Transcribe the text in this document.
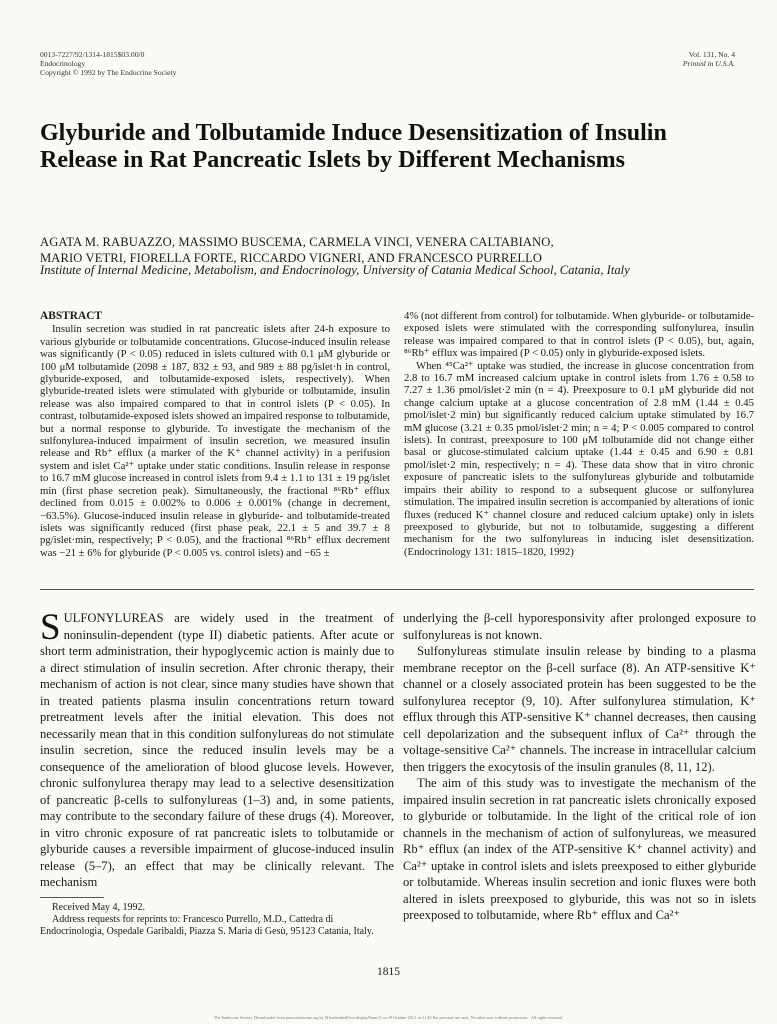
0013-7227/92/1314-1815$03.00/0
Endocrinology
Copyright © 1992 by The Endocrine Society
Vol. 131, No. 4
Printed in U.S.A.
Glyburide and Tolbutamide Induce Desensitization of Insulin Release in Rat Pancreatic Islets by Different Mechanisms
AGATA M. RABUAZZO, MASSIMO BUSCEMA, CARMELA VINCI, VENERA CALTABIANO,
MARIO VETRI, FIORELLA FORTE, RICCARDO VIGNERI, AND FRANCESCO PURRELLO
Institute of Internal Medicine, Metabolism, and Endocrinology, University of Catania Medical School, Catania, Italy
ABSTRACT

Insulin secretion was studied in rat pancreatic islets after 24-h exposure to various glyburide or tolbutamide concentrations. Glucose-induced insulin release was significantly (P < 0.05) reduced in islets cultured with 0.1 μM glyburide or 100 μM tolbutamide (2098 ± 187, 832 ± 93, and 989 ± 88 pg/islet·h in control, glyburide-exposed, and tolbutamide-exposed islets, respectively). When glyburide-treated islets were stimulated with glyburide or tolbutamide, insulin release was also impaired compared to that in control islets (P < 0.05). In contrast, tolbutamide-exposed islets showed an impaired response to tolbutamide, but a normal response to glyburide. To investigate the mechanism of the sulfonylurea-induced impairment of insulin secretion, we measured insulin release and Rb⁺ efflux (a marker of the K⁺ channel activity) in a perifusion system and islet Ca²⁺ uptake under static conditions. Insulin release in response to 16.7 mM glucose increased in control islets from 9.4 ± 1.1 to 131 ± 19 pg/islet min (first phase secretion peak). Simultaneously, the fractional ⁸⁶Rb⁺ efflux declined from 0.015 ± 0.002% to 0.006 ± 0.001% (change in decrement, −63.5%). Glucose-induced insulin release in glyburide- and tolbutamide-treated islets was significantly reduced (first phase peak, 22.1 ± 5 and 39.7 ± 8 pg/islet·min, respectively; P < 0.05), and the fractional ⁸⁶Rb⁺ efflux decrement was −21 ± 6% for glyburide (P < 0.005 vs. control islets) and −65 ±

4% (not different from control) for tolbutamide. When glyburide- or tolbutamide-exposed islets were stimulated with the corresponding sulfonylurea, insulin release was impaired compared to that in control islets (P < 0.05), but, again, ⁸⁶Rb⁺ efflux was impaired (P < 0.05) only in glyburide-exposed islets.

When ⁴⁵Ca²⁺ uptake was studied, the increase in glucose concentration from 2.8 to 16.7 mM increased calcium uptake in control islets from 1.76 ± 0.58 to 7.27 ± 1.36 pmol/islet·2 min (n = 4). Preexposure to 0.1 μM glyburide did not change calcium uptake at a glucose concentration of 2.8 mM (1.44 ± 0.45 pmol/islet·2 min) but significantly reduced calcium uptake stimulated by 16.7 mM glucose (3.21 ± 0.35 pmol/islet·2 min; n = 4; P < 0.005 compared to control islets). In contrast, preexposure to 100 μM tolbutamide did not change either basal or glucose-stimulated calcium uptake (1.44 ± 0.45 and 6.90 ± 0.81 pmol/islet·2 min, respectively; n = 4). These data show that in vitro chronic exposure of pancreatic islets to the sulfonylureas glyburide and tolbutamide impairs their ability to respond to a subsequent glucose or sulfonylurea stimulation. The impaired insulin secretion is accompanied by alterations of ionic fluxes (reduced K⁺ channel closure and reduced calcium uptake) only in islets preexposed to glyburide, but not to tolbutamide, suggesting a different mechanism for the two sulfonylureas in inducing islet desensitization. (Endocrinology 131: 1815–1820, 1992)

SULFONYLUREAS are widely used in the treatment of noninsulin-dependent (type II) diabetic patients. After acute or short term administration, their hypoglycemic action is mainly due to a direct stimulation of insulin secretion. After chronic therapy, their mechanism of action is not clear, since many studies have shown that in treated patients plasma insulin concentrations return toward pretreatment levels after the initial elevation. This does not necessarily mean that in this condition sulfonylureas do not stimulate insulin secretion, since the reduced insulin levels may be a consequence of the amelioration of blood glucose levels. However, chronic sulfonylurea therapy may lead to a selective desensitization of pancreatic β-cells to sulfonylureas (1–3) and, in some patients, may contribute to the secondary failure of these drugs (4). Moreover, in vitro chronic exposure of rat pancreatic islets to tolbutamide or glyburide causes a reversible impairment of glucose-induced insulin release (5–7), an effect that may be clinically relevant. The mechanism

underlying the β-cell hyporesponsivity after prolonged exposure to sulfonylureas is not known.

Sulfonylureas stimulate insulin release by binding to a plasma membrane receptor on the β-cell surface (8). An ATP-sensitive K⁺ channel or a closely associated protein has been suggested to be the sulfonylurea receptor (9, 10). After sulfonylurea stimulation, K⁺ efflux through this ATP-sensitive K⁺ channel decreases, then causing cell depolarization and the subsequent influx of Ca²⁺ through the voltage-sensitive Ca²⁺ channels. The increase in intracellular calcium then triggers the exocytosis of the insulin granules (8, 11, 12).

The aim of this study was to investigate the mechanism of the impaired insulin secretion in rat pancreatic islets chronically exposed to glyburide or tolbutamide. In the light of the critical role of ion channels in the mechanism of action of sulfonylureas, we measured Rb⁺ efflux (an index of the ATP-sensitive K⁺ channel activity) and Ca²⁺ uptake in control islets and islets preexposed to either glyburide or tolbutamide. Whereas insulin secretion and ionic fluxes were both altered in islets preexposed to glyburide, this was not so in islets preexposed to tolbutamide, where Rb⁺ efflux and Ca²⁺

Received May 4, 1992.

Address requests for reprints to: Francesco Purrello, M.D., Cattedra di Endocrinologia, Ospedale Garibaldi, Piazza S. Maria di Gesù, 95123 Catania, Italy.

1815
The Endocrine Society. Downloaded from press.endocrine.org by [${individualUser.displayName}] on 29 October 2014. at 21:45 For personal use only. No other uses without permission. . All rights reserved.
